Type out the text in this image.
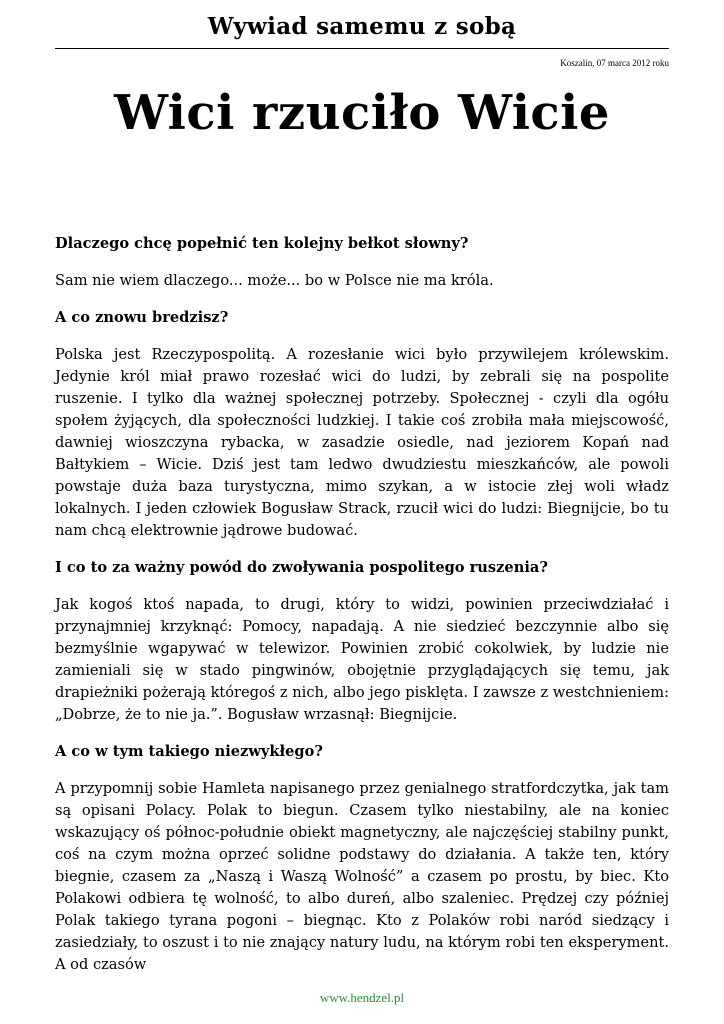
Wywiad samemu z sobą
Koszalin, 07 marca 2012 roku
Wici rzuciło Wicie

Dlaczego chcę popełnić ten kolejny bełkot słowny?

Sam nie wiem dlaczego... może... bo w Polsce nie ma króla.

A co znowu bredzisz?

Polska jest Rzeczypospolitą. A rozesłanie wici było przywilejem królewskim. Jedynie król miał prawo rozesłać wici do ludzi, by zebrali się na pospolite ruszenie. I tylko dla ważnej społecznej potrzeby. Społecznej - czyli dla ogółu społem żyjących, dla społeczności ludzkiej. I takie coś zrobiła mała miejscowość, dawniej wioszczyna rybacka, w zasadzie osiedle, nad jeziorem Kopań nad Bałtykiem – Wicie. Dziś jest tam ledwo dwudziestu mieszkańców, ale powoli powstaje duża baza turystyczna, mimo szykan, a w istocie złej woli władz lokalnych. I jeden człowiek Bogusław Strack, rzucił wici do ludzi: Biegnijcie, bo tu nam chcą elektrownie jądrowe budować.

I co to za ważny powód do zwoływania pospolitego ruszenia?

Jak kogoś ktoś napada, to drugi, który to widzi, powinien przeciwdziałać i przynajmniej krzyknąć: Pomocy, napadają. A nie siedzieć bezczynnie albo się bezmyślnie wgapywać w telewizor. Powinien zrobić cokolwiek, by ludzie nie zamieniali się w stado pingwinów, obojętnie przyglądających się temu, jak drapieżniki pożerają któregoś z nich, albo jego pisklęta. I zawsze z westchnieniem: „Dobrze, że to nie ja.”. Bogusław wrzasnął: Biegnijcie.

A co w tym takiego niezwykłego?

A przypomnij sobie Hamleta napisanego przez genialnego stratfordczytka, jak tam są opisani Polacy. Polak to biegun. Czasem tylko niestabilny, ale na koniec wskazujący oś północ-południe obiekt magnetyczny, ale najczęściej stabilny punkt, coś na czym można oprzeć solidne podstawy do działania. A także ten, który biegnie, czasem za „Naszą i Waszą Wolność” a czasem po prostu, by biec. Kto Polakowi odbiera tę wolność, to albo dureń, albo szaleniec. Prędzej czy później Polak takiego tyrana pogoni – biegnąc. Kto z Polaków robi naród siedzący i zasiedziały, to oszust i to nie znający natury ludu, na którym robi ten eksperyment. A od czasów

www.hendzel.pl
